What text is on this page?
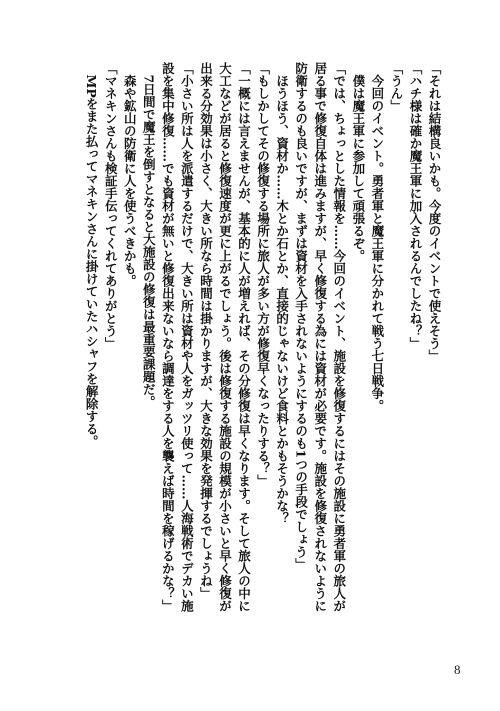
「それは結構良いかも。今度のイベントで使えそう」
「ハチ様は確か魔王軍に加入されるんでしたね？」
「うん」
　今回のイベント。勇者軍と魔王軍に分かれて戦う七日戦争。
　僕は魔王軍に参加して頑張るぞ。
「では、ちょっとした情報を……今回のイベント、施設を修復するにはその施設に勇者軍の旅人が
居る事で修復自体は進みますが、早く修復する為には資材が必要です。施設を修復されないように
防衛するのも良いですが、まずは資材を入手されないようにするのも1つの手段でしょう」
　ほうほう、資材か……木とか石とか、直接的じゃないけど食料とかもそうかな？
「もしかしてその修復する場所に旅人が多い方が修復早くなったりする？」
「一概には言えませんが、基本的に人が増えれば、その分修復は早くなります。そして旅人の中に
大工などが居ると修復速度が更に上がるでしょう。後は修復する施設の規模が小さいと早く修復が
出来る分効果は小さく、大きい所なら時間は掛かりますが、大きな効果を発揮するでしょうね」
「小さい所は人を派遣するだけで、大きい所は資材や人をガッツリ使って……人海戦術でデカい施
設を集中修復……でも資材が無いと修復出来ないなら調達をする人を襲えば時間を稼げるかな？」
　7日間で魔王を倒すとなると大施設の修復は最重要課題だ。
　森や鉱山の防衛に人を使うべきかも。
「マネキンさんも検証手伝ってくれてありがとう」
　MPをまた払ってマネキンさんに掛けていたハシャフを解除する。
8
